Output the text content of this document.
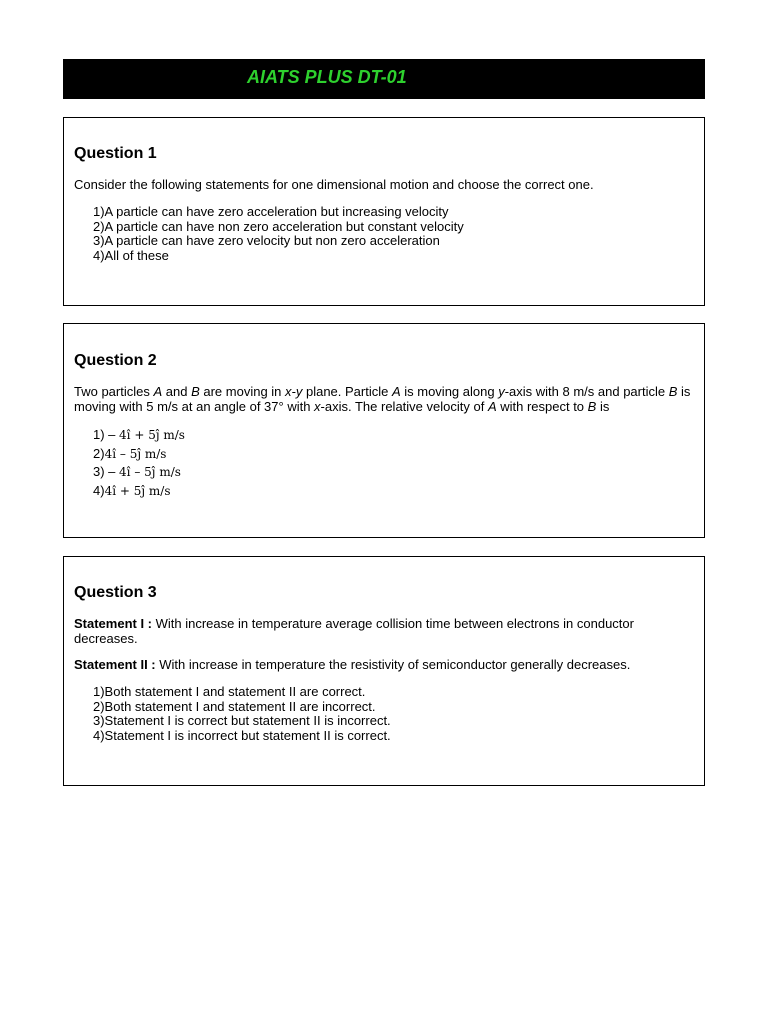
AIATS PLUS DT-01
Question 1
Consider the following statements for one dimensional motion and choose the correct one.
1)A particle can have zero acceleration but increasing velocity
2)A particle can have non zero acceleration but constant velocity
3)A particle can have zero velocity but non zero acceleration
4)All of these
Question 2
Two particles A and B are moving in x-y plane. Particle A is moving along y-axis with 8 m/s and particle B is moving with 5 m/s at an angle of 37° with x-axis. The relative velocity of A with respect to B is
1) – 4î + 5ĵ m/s
2)4î – 5ĵ m/s
3) – 4î – 5ĵ m/s
4)4î + 5ĵ m/s
Question 3
Statement I : With increase in temperature average collision time between electrons in conductor decreases.
Statement II : With increase in temperature the resistivity of semiconductor generally decreases.
1)Both statement I and statement II are correct.
2)Both statement I and statement II are incorrect.
3)Statement I is correct but statement II is incorrect.
4)Statement I is incorrect but statement II is correct.
